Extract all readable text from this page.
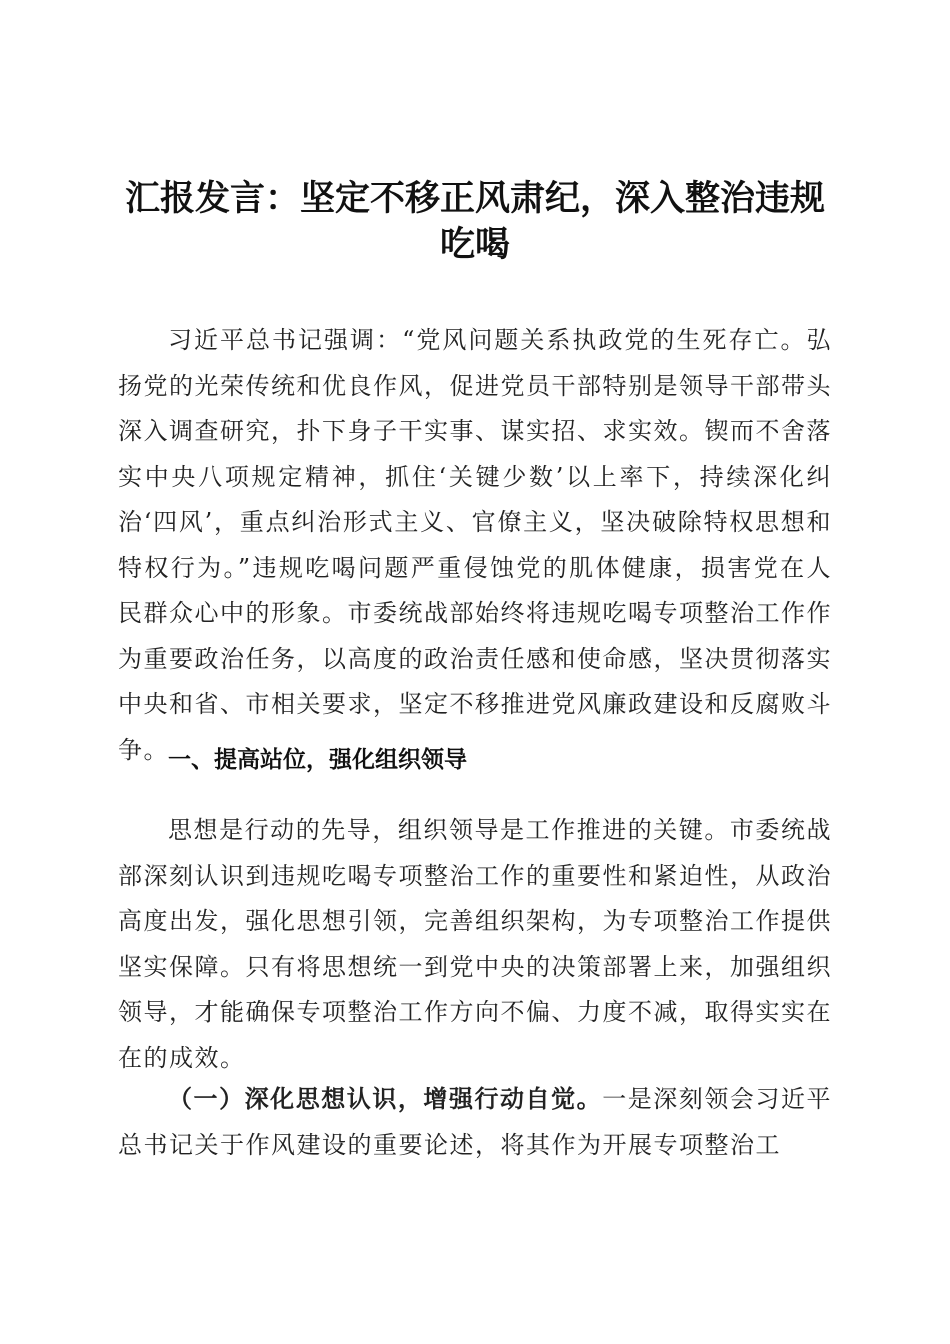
汇报发言：坚定不移正风肃纪，深入整治违规吃喝

习近平总书记强调：“党风问题关系执政党的生死存亡。弘扬党的光荣传统和优良作风，促进党员干部特别是领导干部带头深入调查研究，扑下身子干实事、谋实招、求实效。锲而不舍落实中央八项规定精神，抓住‘关键少数’以上率下，持续深化纠治‘四风’，重点纠治形式主义、官僚主义，坚决破除特权思想和特权行为。”违规吃喝问题严重侵蚀党的肌体健康，损害党在人民群众心中的形象。市委统战部始终将违规吃喝专项整治工作作为重要政治任务，以高度的政治责任感和使命感，坚决贯彻落实中央和省、市相关要求，坚定不移推进党风廉政建设和反腐败斗争。 一、提高站位，强化组织领导

思想是行动的先导，组织领导是工作推进的关键。市委统战部深刻认识到违规吃喝专项整治工作的重要性和紧迫性，从政治高度出发，强化思想引领，完善组织架构，为专项整治工作提供坚实保障。只有将思想统一到党中央的决策部署上来，加强组织领导，才能确保专项整治工作方向不偏、力度不减，取得实实在在的成效。

（一）深化思想认识，增强行动自觉。一是深刻领会习近平总书记关于作风建设的重要论述，将其作为开展专项整治工
